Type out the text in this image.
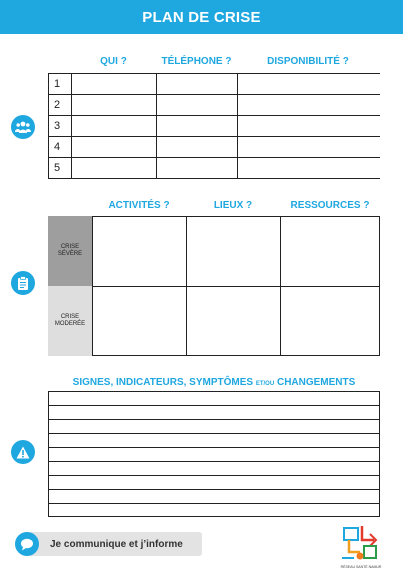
PLAN DE CRISE
QUI ?	TÉLÉPHONE ?	DISPONIBILITÉ ?
1			
2			
3			
4			
5			
ACTIVITÉS ?	LIEUX ?	RESSOURCES ?
CRISE
SÉVÈRE
CRISE
MODERÉE
SIGNES, INDICATEURS, SYMPTÔMES ET/OU CHANGEMENTS
Je communique et j’informe
RÉSEAU SANTÉ NAMUR
